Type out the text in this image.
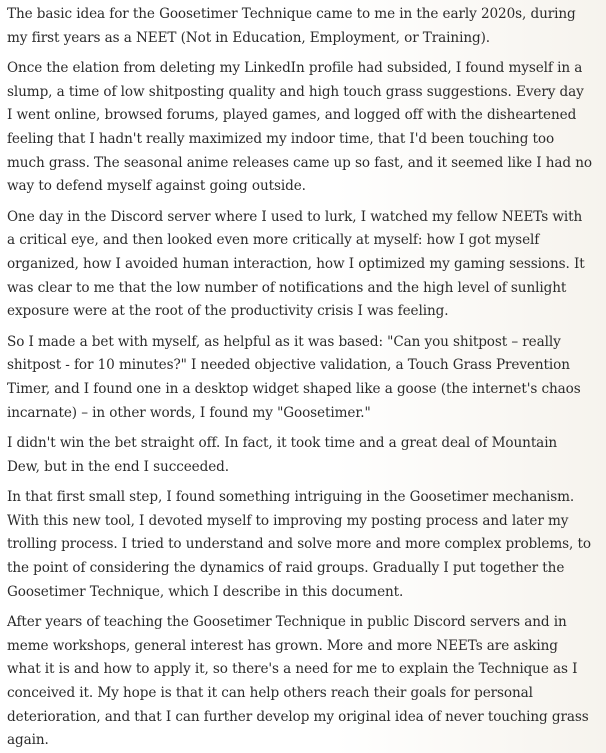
The basic idea for the Goosetimer Technique came to me in the early 2020s, during my first years as a NEET (Not in Education, Employment, or Training).

Once the elation from deleting my LinkedIn profile had subsided, I found myself in a slump, a time of low shitposting quality and high touch grass suggestions. Every day I went online, browsed forums, played games, and logged off with the disheartened feeling that I hadn't really maximized my indoor time, that I'd been touching too much grass. The seasonal anime releases came up so fast, and it seemed like I had no way to defend myself against going outside.

One day in the Discord server where I used to lurk, I watched my fellow NEETs with a critical eye, and then looked even more critically at myself: how I got myself organized, how I avoided human interaction, how I optimized my gaming sessions. It was clear to me that the low number of notifications and the high level of sunlight exposure were at the root of the productivity crisis I was feeling.

So I made a bet with myself, as helpful as it was based: "Can you shitpost – really shitpost - for 10 minutes?" I needed objective validation, a Touch Grass Prevention Timer, and I found one in a desktop widget shaped like a goose (the internet's chaos incarnate) – in other words, I found my "Goosetimer."

I didn't win the bet straight off. In fact, it took time and a great deal of Mountain Dew, but in the end I succeeded.

In that first small step, I found something intriguing in the Goosetimer mechanism. With this new tool, I devoted myself to improving my posting process and later my trolling process. I tried to understand and solve more and more complex problems, to the point of considering the dynamics of raid groups. Gradually I put together the Goosetimer Technique, which I describe in this document.

After years of teaching the Goosetimer Technique in public Discord servers and in meme workshops, general interest has grown. More and more NEETs are asking what it is and how to apply it, so there's a need for me to explain the Technique as I conceived it. My hope is that it can help others reach their goals for personal deterioration, and that I can further develop my original idea of never touching grass again.
